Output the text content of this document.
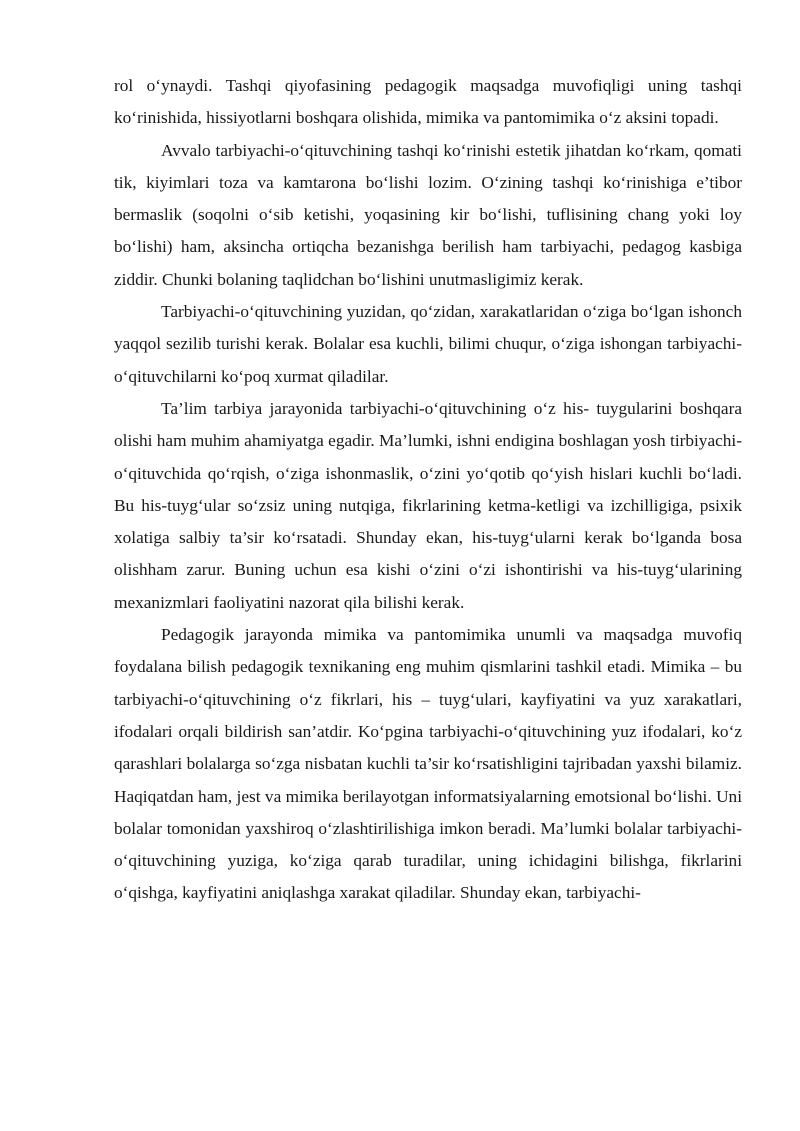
rol o‘ynaydi. Tashqi qiyofasining pedagogik maqsadga muvofiqligi uning tashqi ko‘rinishida, hissiyotlarni boshqara olishida, mimika va pantomimika o‘z aksini topadi.

Avvalo tarbiyachi-o‘qituvchining tashqi ko‘rinishi estetik jihatdan ko‘rkam, qomati tik, kiyimlari toza va kamtarona bo‘lishi lozim. O‘zining tashqi ko‘rinishiga e’tibor bermaslik (soqolni o‘sib ketishi, yoqasining kir bo‘lishi, tuflisining chang yoki loy bo‘lishi) ham, aksincha ortiqcha bezanishga berilish ham tarbiyachi, pedagog kasbiga ziddir. Chunki bolaning taqlidchan bo‘lishini unutmasligimiz kerak.

Tarbiyachi-o‘qituvchining yuzidan, qo‘zidan, xarakatlaridan o‘ziga bo‘lgan ishonch yaqqol sezilib turishi kerak. Bolalar esa kuchli, bilimi chuqur, o‘ziga ishongan tarbiyachi-o‘qituvchilarni ko‘poq xurmat qiladilar.

Ta’lim tarbiya jarayonida tarbiyachi-o‘qituvchining o‘z his- tuygularini boshqara olishi ham muhim ahamiyatga egadir. Ma’lumki, ishni endigina boshlagan yosh tirbiyachi-o‘qituvchida qo‘rqish, o‘ziga ishonmaslik, o‘zini yo‘qotib qo‘yish hislari kuchli bo‘ladi. Bu his-tuyg‘ular so‘zsiz uning nutqiga, fikrlarining ketma-ketligi va izchilligiga, psixik xolatiga salbiy ta’sir ko‘rsatadi. Shunday ekan, his-tuyg‘ularni kerak bo‘lganda bosa olishham zarur. Buning uchun esa kishi o‘zini o‘zi ishontirishi va his-tuyg‘ularining mexanizmlari faoliyatini nazorat qila bilishi kerak.

Pedagogik jarayonda mimika va pantomimika unumli va maqsadga muvofiq foydalana bilish pedagogik texnikaning eng muhim qismlarini tashkil etadi. Mimika – bu tarbiyachi-o‘qituvchining o‘z fikrlari, his – tuyg‘ulari, kayfiyatini va yuz xarakatlari, ifodalari orqali bildirish san’atdir. Ko‘pgina tarbiyachi-o‘qituvchining yuz ifodalari, ko‘z qarashlari bolalarga so‘zga nisbatan kuchli ta’sir ko‘rsatishligini tajribadan yaxshi bilamiz. Haqiqatdan ham, jest va mimika berilayotgan informatsiyalarning emotsional bo‘lishi. Uni bolalar tomonidan yaxshiroq o‘zlashtirilishiga imkon beradi. Ma’lumki bolalar tarbiyachi-o‘qituvchining yuziga, ko‘ziga qarab turadilar, uning ichidagini bilishga, fikrlarini o‘qishga, kayfiyatini aniqlashga xarakat qiladilar. Shunday ekan, tarbiyachi-
